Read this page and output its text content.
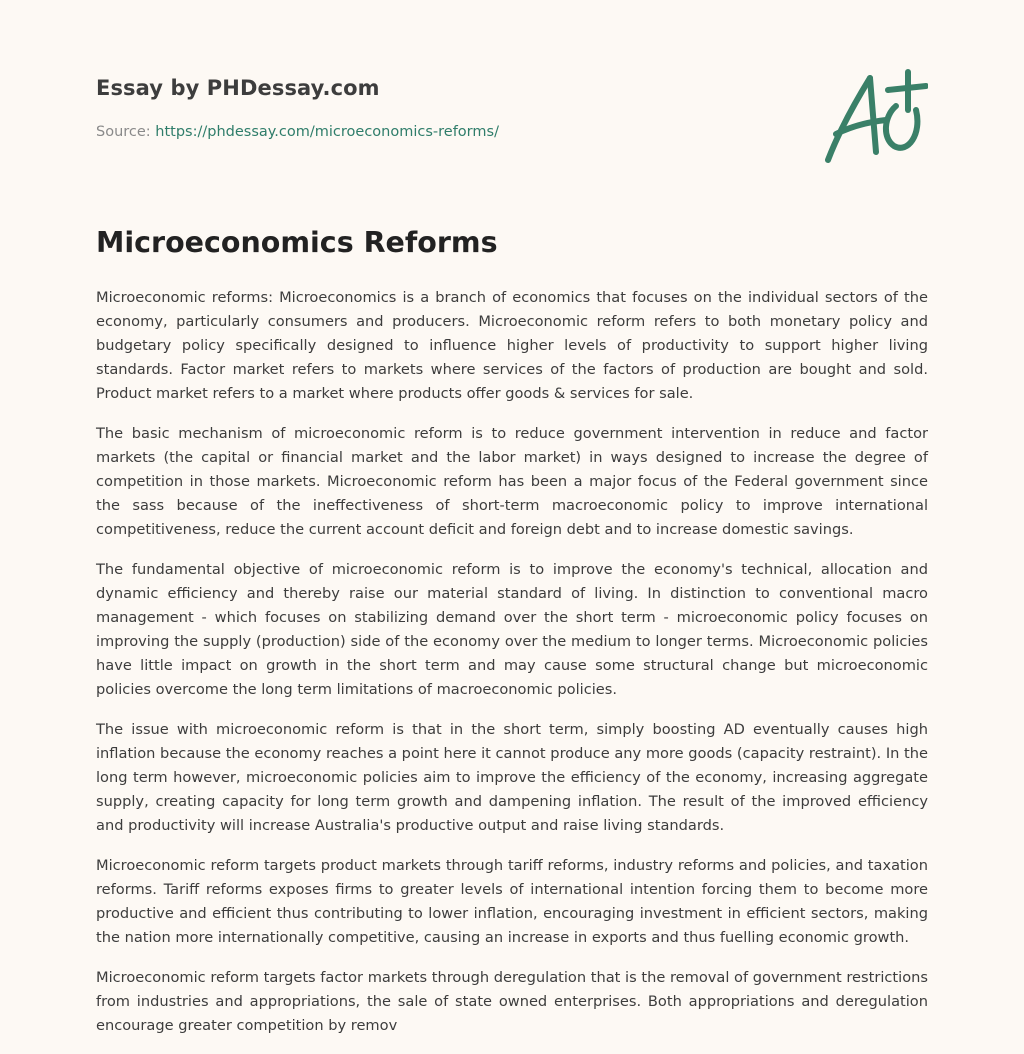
Essay by PHDessay.com

Source: https://phdessay.com/microeconomics-reforms/

Microeconomics Reforms

Microeconomic reforms: Microeconomics is a branch of economics that focuses on the individual sectors of the economy, particularly consumers and producers. Microeconomic reform refers to both monetary policy and budgetary policy specifically designed to influence higher levels of productivity to support higher living standards. Factor market refers to markets where services of the factors of production are bought and sold. Product market refers to a market where products offer goods & services for sale.

The basic mechanism of microeconomic reform is to reduce government intervention in reduce and factor markets (the capital or financial market and the labor market) in ways designed to increase the degree of competition in those markets. Microeconomic reform has been a major focus of the Federal government since the sass because of the ineffectiveness of short-term macroeconomic policy to improve international competitiveness, reduce the current account deficit and foreign debt and to increase domestic savings.

The fundamental objective of microeconomic reform is to improve the economy's technical, allocation and dynamic efficiency and thereby raise our material standard of living. In distinction to conventional macro management - which focuses on stabilizing demand over the short term - microeconomic policy focuses on improving the supply (production) side of the economy over the medium to longer terms. Microeconomic policies have little impact on growth in the short term and may cause some structural change but microeconomic policies overcome the long term limitations of macroeconomic policies.

The issue with microeconomic reform is that in the short term, simply boosting AD eventually causes high inflation because the economy reaches a point here it cannot produce any more goods (capacity restraint). In the long term however, microeconomic policies aim to improve the efficiency of the economy, increasing aggregate supply, creating capacity for long term growth and dampening inflation. The result of the improved efficiency and productivity will increase Australia's productive output and raise living standards.

Microeconomic reform targets product markets through tariff reforms, industry reforms and policies, and taxation reforms. Tariff reforms exposes firms to greater levels of international intention forcing them to become more productive and efficient thus contributing to lower inflation, encouraging investment in efficient sectors, making the nation more internationally competitive, causing an increase in exports and thus fuelling economic growth.

Microeconomic reform targets factor markets through deregulation that is the removal of government restrictions from industries and appropriations, the sale of state owned enterprises. Both appropriations and deregulation encourage greater competition by remov
